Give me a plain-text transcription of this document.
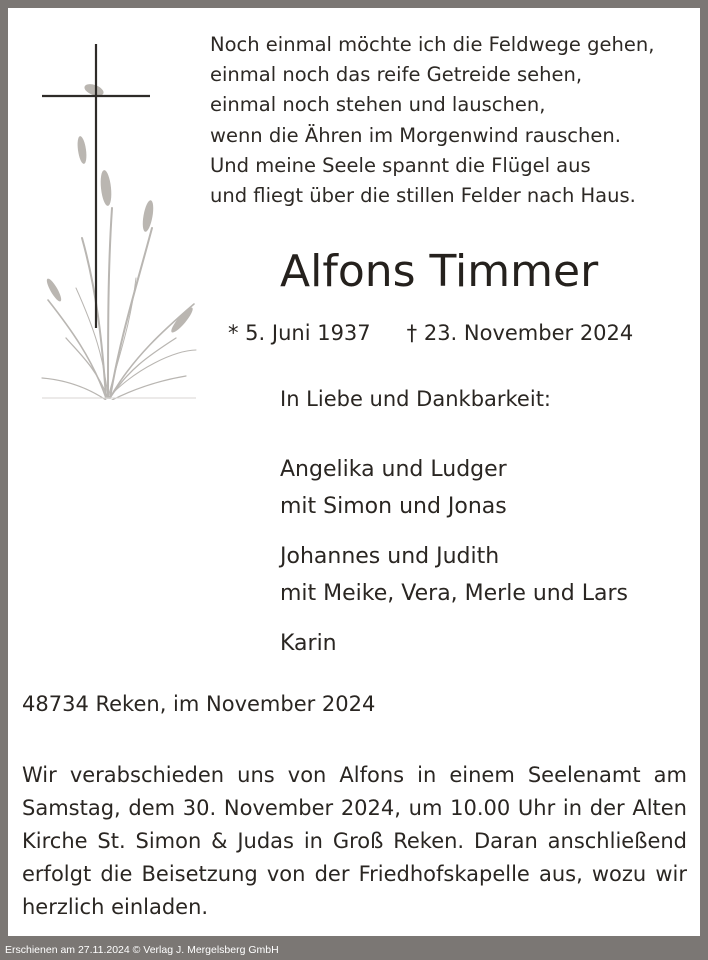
Noch einmal möchte ich die Feldwege gehen,
einmal noch das reife Getreide sehen,
einmal noch stehen und lauschen,
wenn die Ähren im Morgenwind rauschen.
Und meine Seele spannt die Flügel aus
und fliegt über die stillen Felder nach Haus.
Alfons Timmer
* 5. Juni 1937 † 23. November 2024
In Liebe und Dankbarkeit:
Angelika und Ludger
mit Simon und Jonas
Johannes und Judith
mit Meike, Vera, Merle und Lars
Karin
48734 Reken, im November 2024
Wir verabschieden uns von Alfons in einem Seelenamt am Samstag, dem 30. November 2024, um 10.00 Uhr in der Alten Kirche St. Simon & Judas in Groß Reken. Daran anschließend erfolgt die Beisetzung von der Friedhofskapelle aus, wozu wir herzlich einladen.
Erschienen am 27.11.2024 © Verlag J. Mergelsberg GmbH
